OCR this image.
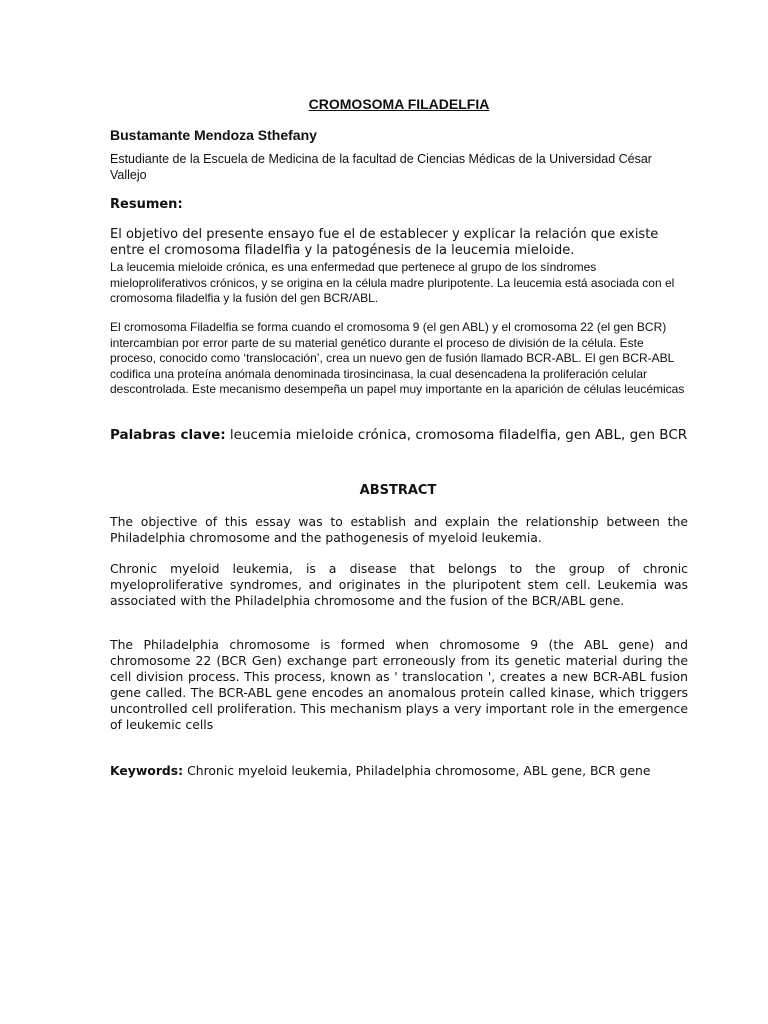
CROMOSOMA FILADELFIA
Bustamante Mendoza Sthefany
Estudiante de la Escuela de Medicina de la facultad de Ciencias Médicas de la Universidad César Vallejo
Resumen:
El objetivo del presente ensayo fue el de establecer y explicar la relación que existe entre el cromosoma filadelfia y la patogénesis de la leucemia mieloide.
La leucemia mieloide crónica, es una enfermedad que pertenece al grupo de los síndromes mieloproliferativos crónicos, y se origina en la célula madre pluripotente. La leucemia está asociada con el cromosoma filadelfia y la fusión del gen BCR/ABL.
El cromosoma Filadelfia se forma cuando el cromosoma 9 (el gen ABL) y el cromosoma 22 (el gen BCR) intercambian por error parte de su material genético durante el proceso de división de la célula. Este proceso, conocido como ‘translocación’, crea un nuevo gen de fusión llamado BCR-ABL. El gen BCR-ABL codifica una proteína anómala denominada tirosincinasa, la cual desencadena la proliferación celular descontrolada. Este mecanismo desempeña un papel muy importante en la aparición de células leucémicas
Palabras clave: leucemia mieloide crónica, cromosoma filadelfia, gen ABL, gen BCR
ABSTRACT
The objective of this essay was to establish and explain the relationship between the Philadelphia chromosome and the pathogenesis of myeloid leukemia.
Chronic myeloid leukemia, is a disease that belongs to the group of chronic myeloproliferative syndromes, and originates in the pluripotent stem cell. Leukemia was associated with the Philadelphia chromosome and the fusion of the BCR/ABL gene.
The Philadelphia chromosome is formed when chromosome 9 (the ABL gene) and chromosome 22 (BCR Gen) exchange part erroneously from its genetic material during the cell division process. This process, known as ' translocation ', creates a new BCR-ABL fusion gene called. The BCR-ABL gene encodes an anomalous protein called kinase, which triggers uncontrolled cell proliferation. This mechanism plays a very important role in the emergence of leukemic cells
Keywords: Chronic myeloid leukemia, Philadelphia chromosome, ABL gene, BCR gene
